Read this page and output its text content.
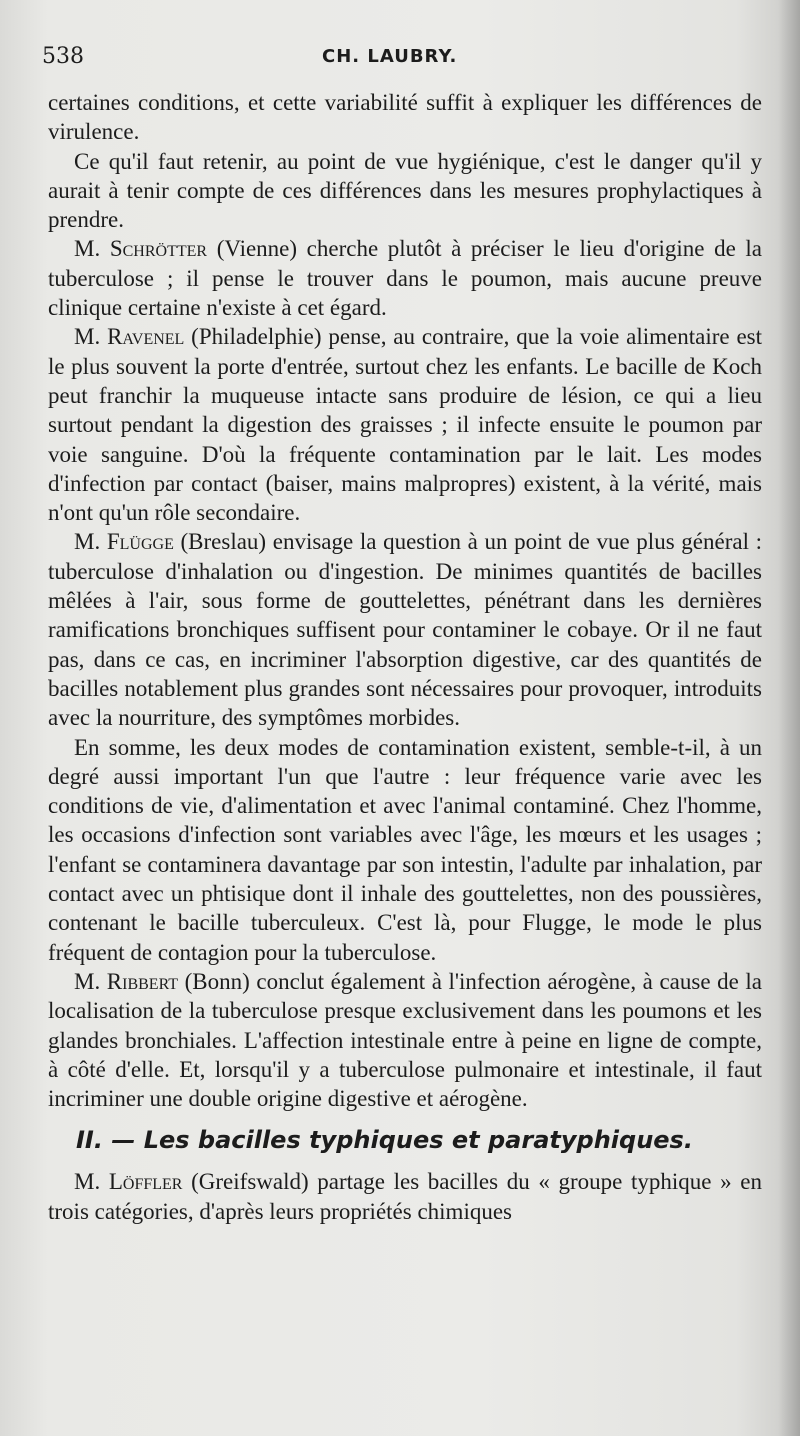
538	CH. LAUBRY.

certaines conditions, et cette variabilité suffit à expliquer les différences de virulence.

Ce qu'il faut retenir, au point de vue hygiénique, c'est le danger qu'il y aurait à tenir compte de ces différences dans les mesures prophylactiques à prendre.

M. Schrötter (Vienne) cherche plutôt à préciser le lieu d'origine de la tuberculose ; il pense le trouver dans le poumon, mais aucune preuve clinique certaine n'existe à cet égard.

M. Ravenel (Philadelphie) pense, au contraire, que la voie alimentaire est le plus souvent la porte d'entrée, surtout chez les enfants. Le bacille de Koch peut franchir la muqueuse intacte sans produire de lésion, ce qui a lieu surtout pendant la digestion des graisses ; il infecte ensuite le poumon par voie sanguine. D'où la fréquente contamination par le lait. Les modes d'infection par contact (baiser, mains malpropres) existent, à la vérité, mais n'ont qu'un rôle secondaire.

M. Flügge (Breslau) envisage la question à un point de vue plus général : tuberculose d'inhalation ou d'ingestion. De minimes quantités de bacilles mêlées à l'air, sous forme de gouttelettes, pénétrant dans les dernières ramifications bronchiques suffisent pour contaminer le cobaye. Or il ne faut pas, dans ce cas, en incriminer l'absorption digestive, car des quantités de bacilles notablement plus grandes sont nécessaires pour provoquer, introduits avec la nourriture, des symptômes morbides.

En somme, les deux modes de contamination existent, semble-t-il, à un degré aussi important l'un que l'autre : leur fréquence varie avec les conditions de vie, d'alimentation et avec l'animal contaminé. Chez l'homme, les occasions d'infection sont variables avec l'âge, les mœurs et les usages ; l'enfant se contaminera davantage par son intestin, l'adulte par inhalation, par contact avec un phtisique dont il inhale des gouttelettes, non des poussières, contenant le bacille tuberculeux. C'est là, pour Flugge, le mode le plus fréquent de contagion pour la tuberculose.

M. Ribbert (Bonn) conclut également à l'infection aérogène, à cause de la localisation de la tuberculose presque exclusivement dans les poumons et les glandes bronchiales. L'affection intestinale entre à peine en ligne de compte, à côté d'elle. Et, lorsqu'il y a tuberculose pulmonaire et intestinale, il faut incriminer une double origine digestive et aérogène.

II. — Les bacilles typhiques et paratyphiques.

M. Löffler (Greifswald) partage les bacilles du « groupe typhique » en trois catégories, d'après leurs propriétés chimiques
